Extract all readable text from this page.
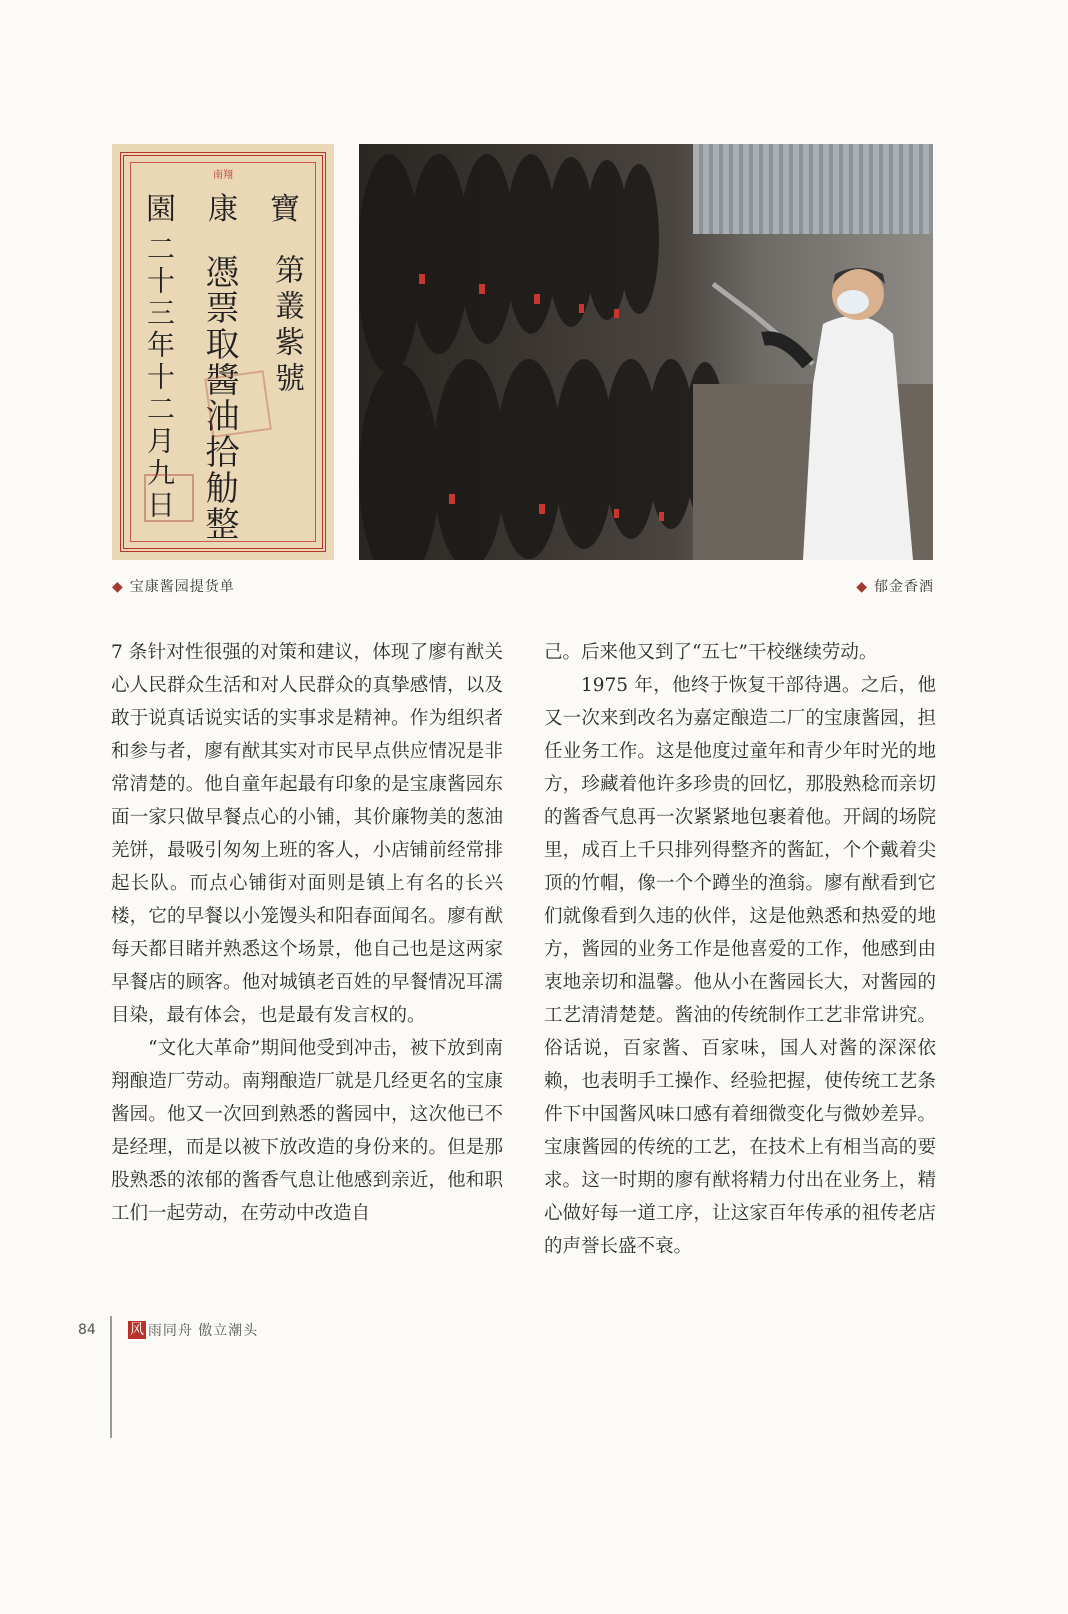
南翔
寶
康
園
第叢紫號
憑票取醬油拾觔整
二十三年十二月九日
◆ 宝康酱园提货单	◆ 郁金香酒

7 条针对性很强的对策和建议，体现了廖有猷关心人民群众生活和对人民群众的真挚感情，以及敢于说真话说实话的实事求是精神。作为组织者和参与者，廖有猷其实对市民早点供应情况是非常清楚的。他自童年起最有印象的是宝康酱园东面一家只做早餐点心的小铺，其价廉物美的葱油羌饼，最吸引匆匆上班的客人，小店铺前经常排起长队。而点心铺街对面则是镇上有名的长兴楼，它的早餐以小笼馒头和阳春面闻名。廖有猷每天都目睹并熟悉这个场景，他自己也是这两家早餐店的顾客。他对城镇老百姓的早餐情况耳濡目染，最有体会，也是最有发言权的。

“文化大革命”期间他受到冲击，被下放到南翔酿造厂劳动。南翔酿造厂就是几经更名的宝康酱园。他又一次回到熟悉的酱园中，这次他已不是经理，而是以被下放改造的身份来的。但是那股熟悉的浓郁的酱香气息让他感到亲近，他和职工们一起劳动，在劳动中改造自

己。后来他又到了“五七”干校继续劳动。

1975 年，他终于恢复干部待遇。之后，他又一次来到改名为嘉定酿造二厂的宝康酱园，担任业务工作。这是他度过童年和青少年时光的地方，珍藏着他许多珍贵的回忆，那股熟稔而亲切的酱香气息再一次紧紧地包裹着他。开阔的场院里，成百上千只排列得整齐的酱缸，个个戴着尖顶的竹帽，像一个个蹲坐的渔翁。廖有猷看到它们就像看到久违的伙伴，这是他熟悉和热爱的地方，酱园的业务工作是他喜爱的工作，他感到由衷地亲切和温馨。他从小在酱园长大，对酱园的工艺清清楚楚。酱油的传统制作工艺非常讲究。俗话说，百家酱、百家味，国人对酱的深深依赖，也表明手工操作、经验把握，使传统工艺条件下中国酱风味口感有着细微变化与微妙差异。宝康酱园的传统的工艺，在技术上有相当高的要求。这一时期的廖有猷将精力付出在业务上，精心做好每一道工序，让这家百年传承的祖传老店的声誉长盛不衰。

84 风 雨同舟 傲立潮头
